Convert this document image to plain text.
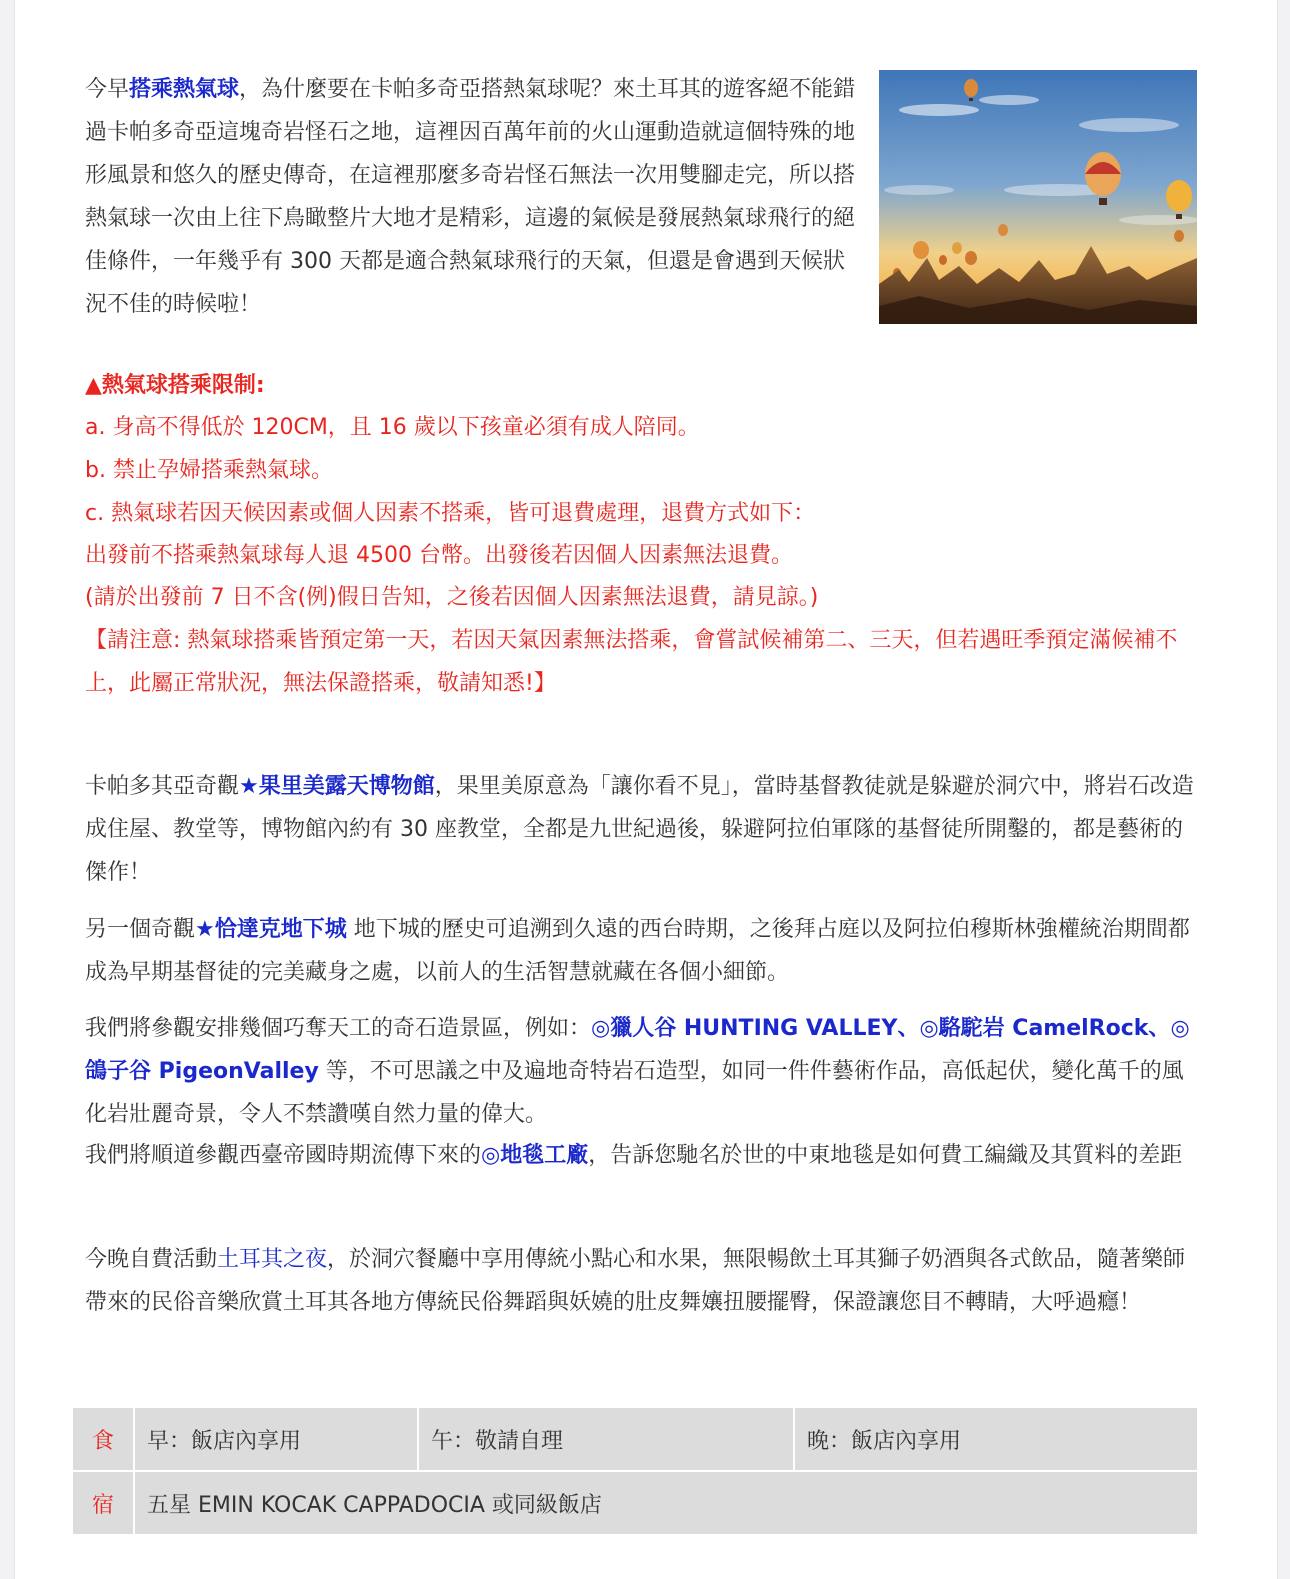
今早搭乘熱氣球，為什麼要在卡帕多奇亞搭熱氣球呢？來土耳其的遊客絕不能錯過卡帕多奇亞這塊奇岩怪石之地，這裡因百萬年前的火山運動造就這個特殊的地形風景和悠久的歷史傳奇，在這裡那麼多奇岩怪石無法一次用雙腳走完，所以搭熱氣球一次由上往下鳥瞰整片大地才是精彩，這邊的氣候是發展熱氣球飛行的絕佳條件，一年幾乎有 300 天都是適合熱氣球飛行的天氣，但還是會遇到天候狀況不佳的時候啦！

▲熱氣球搭乘限制:

a. 身高不得低於 120CM，且 16 歲以下孩童必須有成人陪同。

b. 禁止孕婦搭乘熱氣球。

c. 熱氣球若因天候因素或個人因素不搭乘，皆可退費處理，退費方式如下：

出發前不搭乘熱氣球每人退 4500 台幣。出發後若因個人因素無法退費。

(請於出發前 7 日不含(例)假日告知，之後若因個人因素無法退費，請見諒。)

【請注意: 熱氣球搭乘皆預定第一天，若因天氣因素無法搭乘，會嘗試候補第二、三天，但若遇旺季預定滿候補不上，此屬正常狀況，無法保證搭乘，敬請知悉!】

卡帕多其亞奇觀★果里美露天博物館，果里美原意為「讓你看不見」，當時基督教徒就是躲避於洞穴中，將岩石改造成住屋、教堂等，博物館內約有 30 座教堂，全都是九世紀過後，躲避阿拉伯軍隊的基督徒所開鑿的，都是藝術的傑作！

另一個奇觀★恰達克地下城 地下城的歷史可追溯到久遠的西台時期，之後拜占庭以及阿拉伯穆斯林強權統治期間都成為早期基督徒的完美藏身之處，以前人的生活智慧就藏在各個小細節。

我們將參觀安排幾個巧奪天工的奇石造景區，例如：◎獵人谷 HUNTING VALLEY、◎駱駝岩 CamelRock、◎鴿子谷 PigeonValley 等，不可思議之中及遍地奇特岩石造型，如同一件件藝術作品，高低起伏，變化萬千的風化岩壯麗奇景，令人不禁讚嘆自然力量的偉大。

我們將順道參觀西臺帝國時期流傳下來的◎地毯工廠，告訴您馳名於世的中東地毯是如何費工編織及其質料的差距

今晚自費活動土耳其之夜，於洞穴餐廳中享用傳統小點心和水果，無限暢飲土耳其獅子奶酒與各式飲品，隨著樂師帶來的民俗音樂欣賞土耳其各地方傳統民俗舞蹈與妖嬈的肚皮舞孃扭腰擺臀，保證讓您目不轉睛，大呼過癮！

食	早：飯店內享用	午：敬請自理	晚：飯店內享用
宿	五星 EMIN KOCAK CAPPADOCIA 或同級飯店		
